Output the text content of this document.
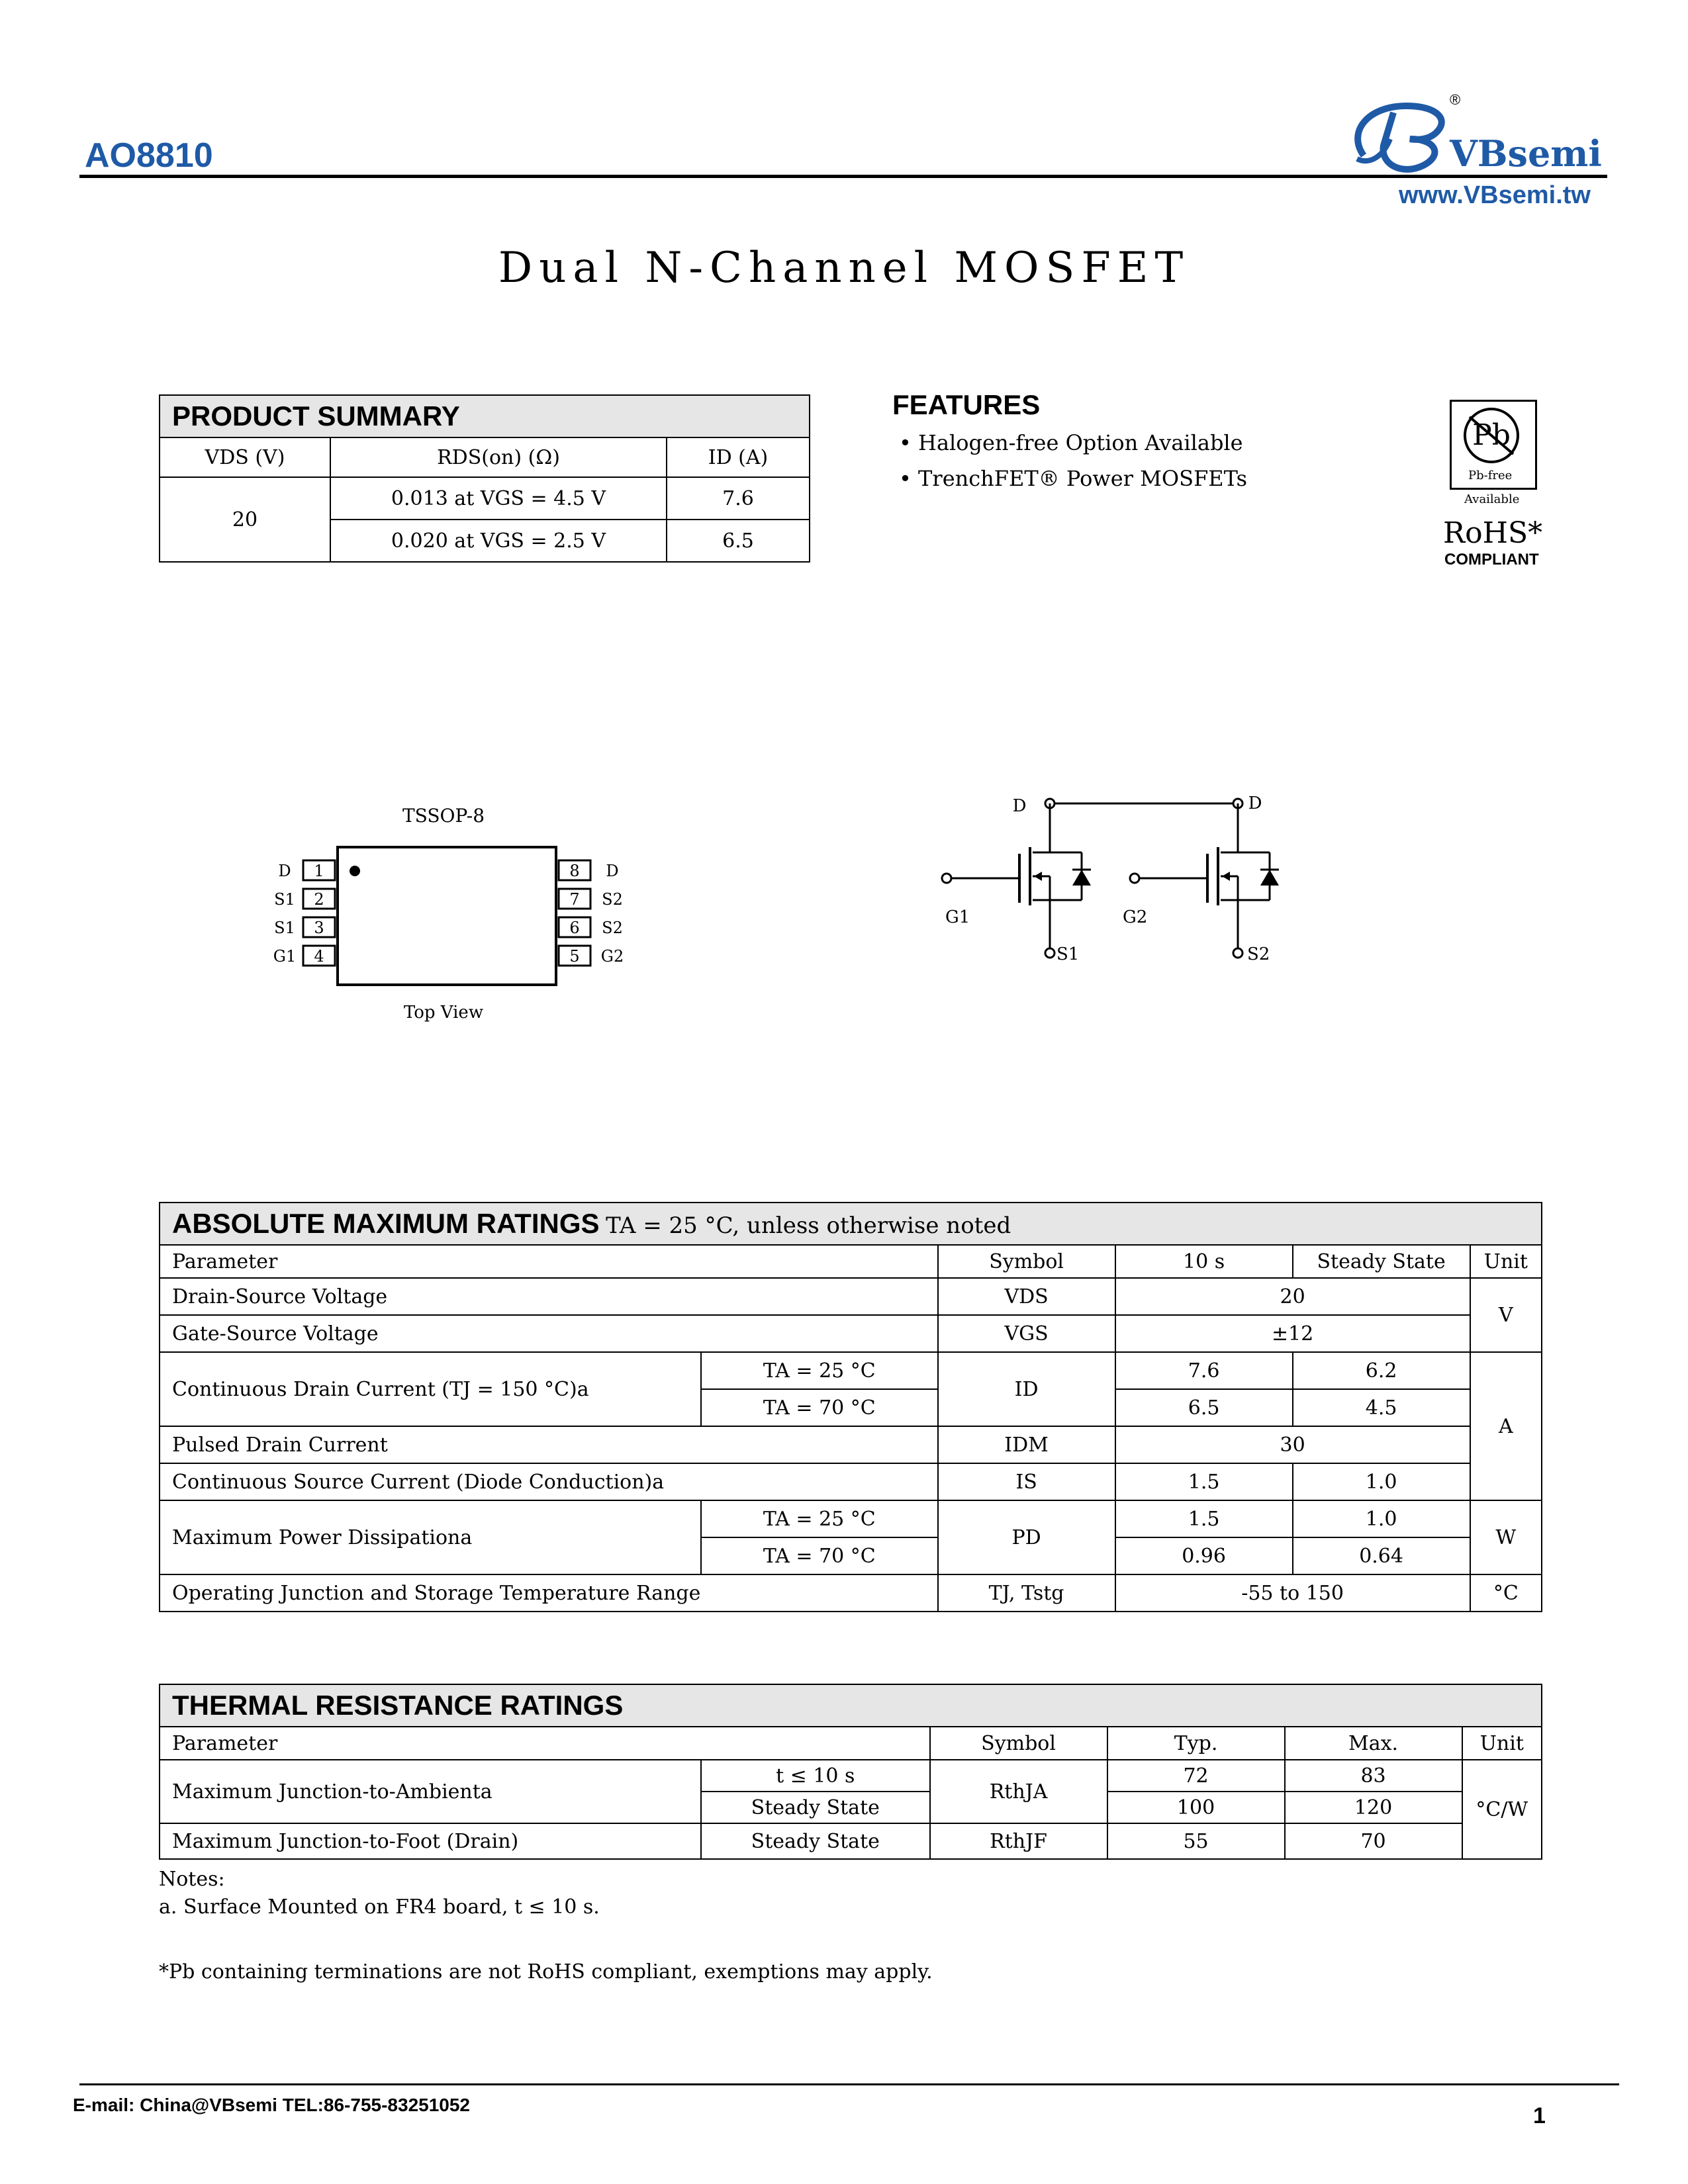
AO8810
®
VBsemi
www.VBsemi.tw
Dual N-Channel MOSFET
PRODUCT SUMMARY		
VDS (V)	RDS(on) (Ω)	ID (A)
20	0.013 at VGS = 4.5 V	7.6
	0.020 at VGS = 2.5 V	6.5
FEATURES
• Halogen-free Option Available
• TrenchFET® Power MOSFETs
Pb
Pb-free
Available
RoHS*
COMPLIANT
TSSOP-8
1
2
3
4
D
S1
S1
G1
8
7
6
5
D
S2
S2
G2
Top View
D	D
G1
S1
G2
S2
ABSOLUTE MAXIMUM RATINGS TA = 25 °C, unless otherwise noted					
Parameter		Symbol	10 s	Steady State	Unit
Drain-Source Voltage		VDS	20		V
Gate-Source Voltage		VGS	±12		
Continuous Drain Current (TJ = 150 °C)a	TA = 25 °C	ID	7.6	6.2	A
	TA = 70 °C		6.5	4.5	
Pulsed Drain Current		IDM	30		
Continuous Source Current (Diode Conduction)a		IS	1.5	1.0	
Maximum Power Dissipationa	TA = 25 °C	PD	1.5	1.0	W
	TA = 70 °C		0.96	0.64	
Operating Junction and Storage Temperature Range		TJ, Tstg	-55 to 150		°C
THERMAL RESISTANCE RATINGS					
Parameter		Symbol	Typ.	Max.	Unit
Maximum Junction-to-Ambienta	t ≤ 10 s	RthJA	72	83	°C/W
	Steady State		100	120	
Maximum Junction-to-Foot (Drain)	Steady State	RthJF	55	70	
Notes:
a. Surface Mounted on FR4 board, t ≤ 10 s.
*Pb containing terminations are not RoHS compliant, exemptions may apply.
E-mail: China@VBsemi TEL:86-755-83251052	1
